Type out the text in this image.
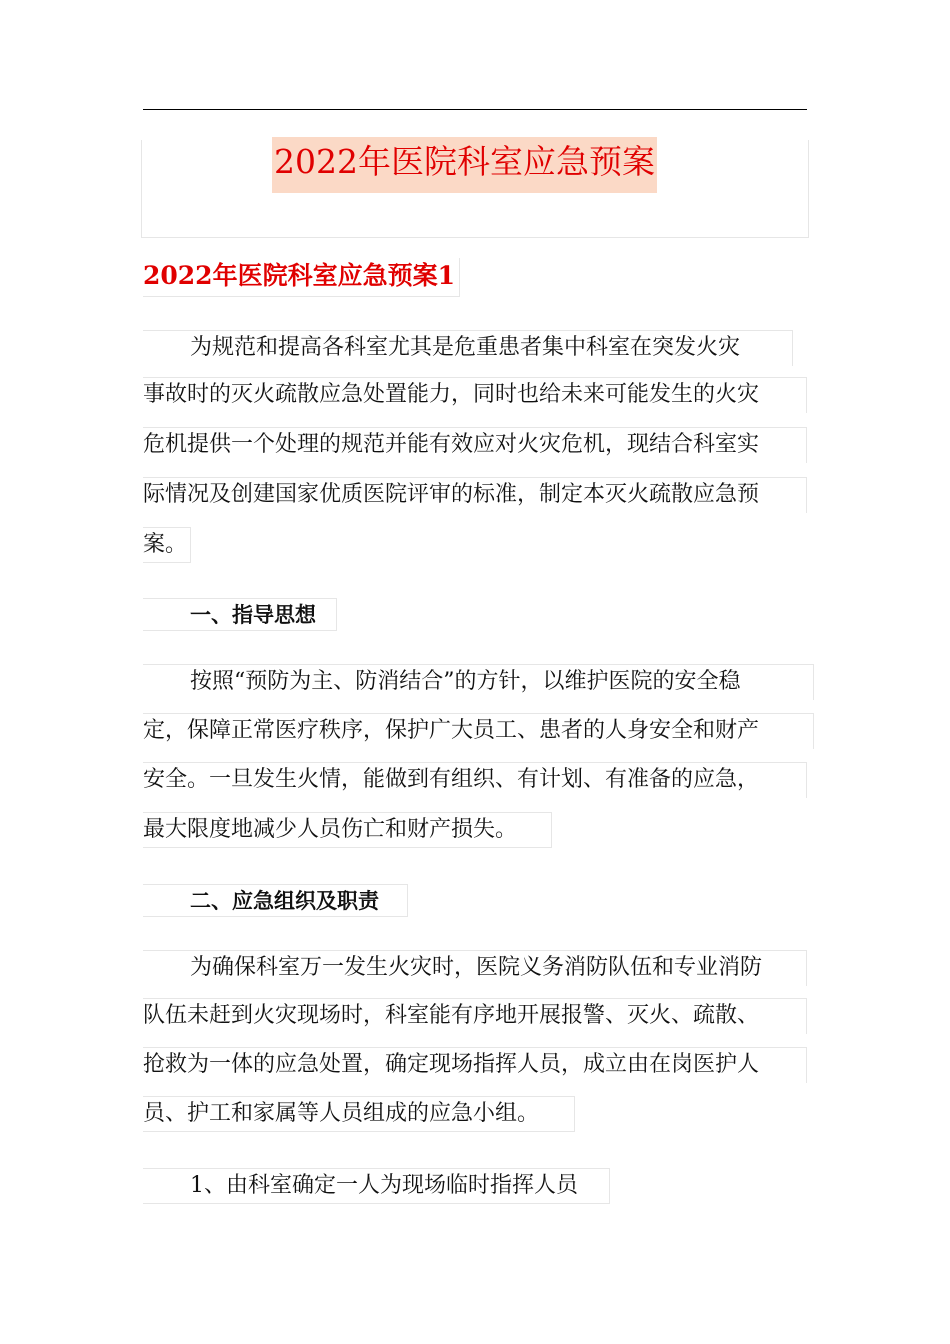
2022年医院科室应急预案
2022年医院科室应急预案1
为规范和提高各科室尤其是危重患者集中科室在突发火灾
事故时的灭火疏散应急处置能力，同时也给未来可能发生的火灾
危机提供一个处理的规范并能有效应对火灾危机，现结合科室实
际情况及创建国家优质医院评审的标准，制定本灭火疏散应急预
案。
一、指导思想
按照“预防为主、防消结合”的方针，以维护医院的安全稳
定，保障正常医疗秩序，保护广大员工、患者的人身安全和财产
安全。一旦发生火情，能做到有组织、有计划、有准备的应急，
最大限度地减少人员伤亡和财产损失。
二、应急组织及职责
为确保科室万一发生火灾时，医院义务消防队伍和专业消防
队伍未赶到火灾现场时，科室能有序地开展报警、灭火、疏散、
抢救为一体的应急处置，确定现场指挥人员，成立由在岗医护人
员、护工和家属等人员组成的应急小组。
1、由科室确定一人为现场临时指挥人员
